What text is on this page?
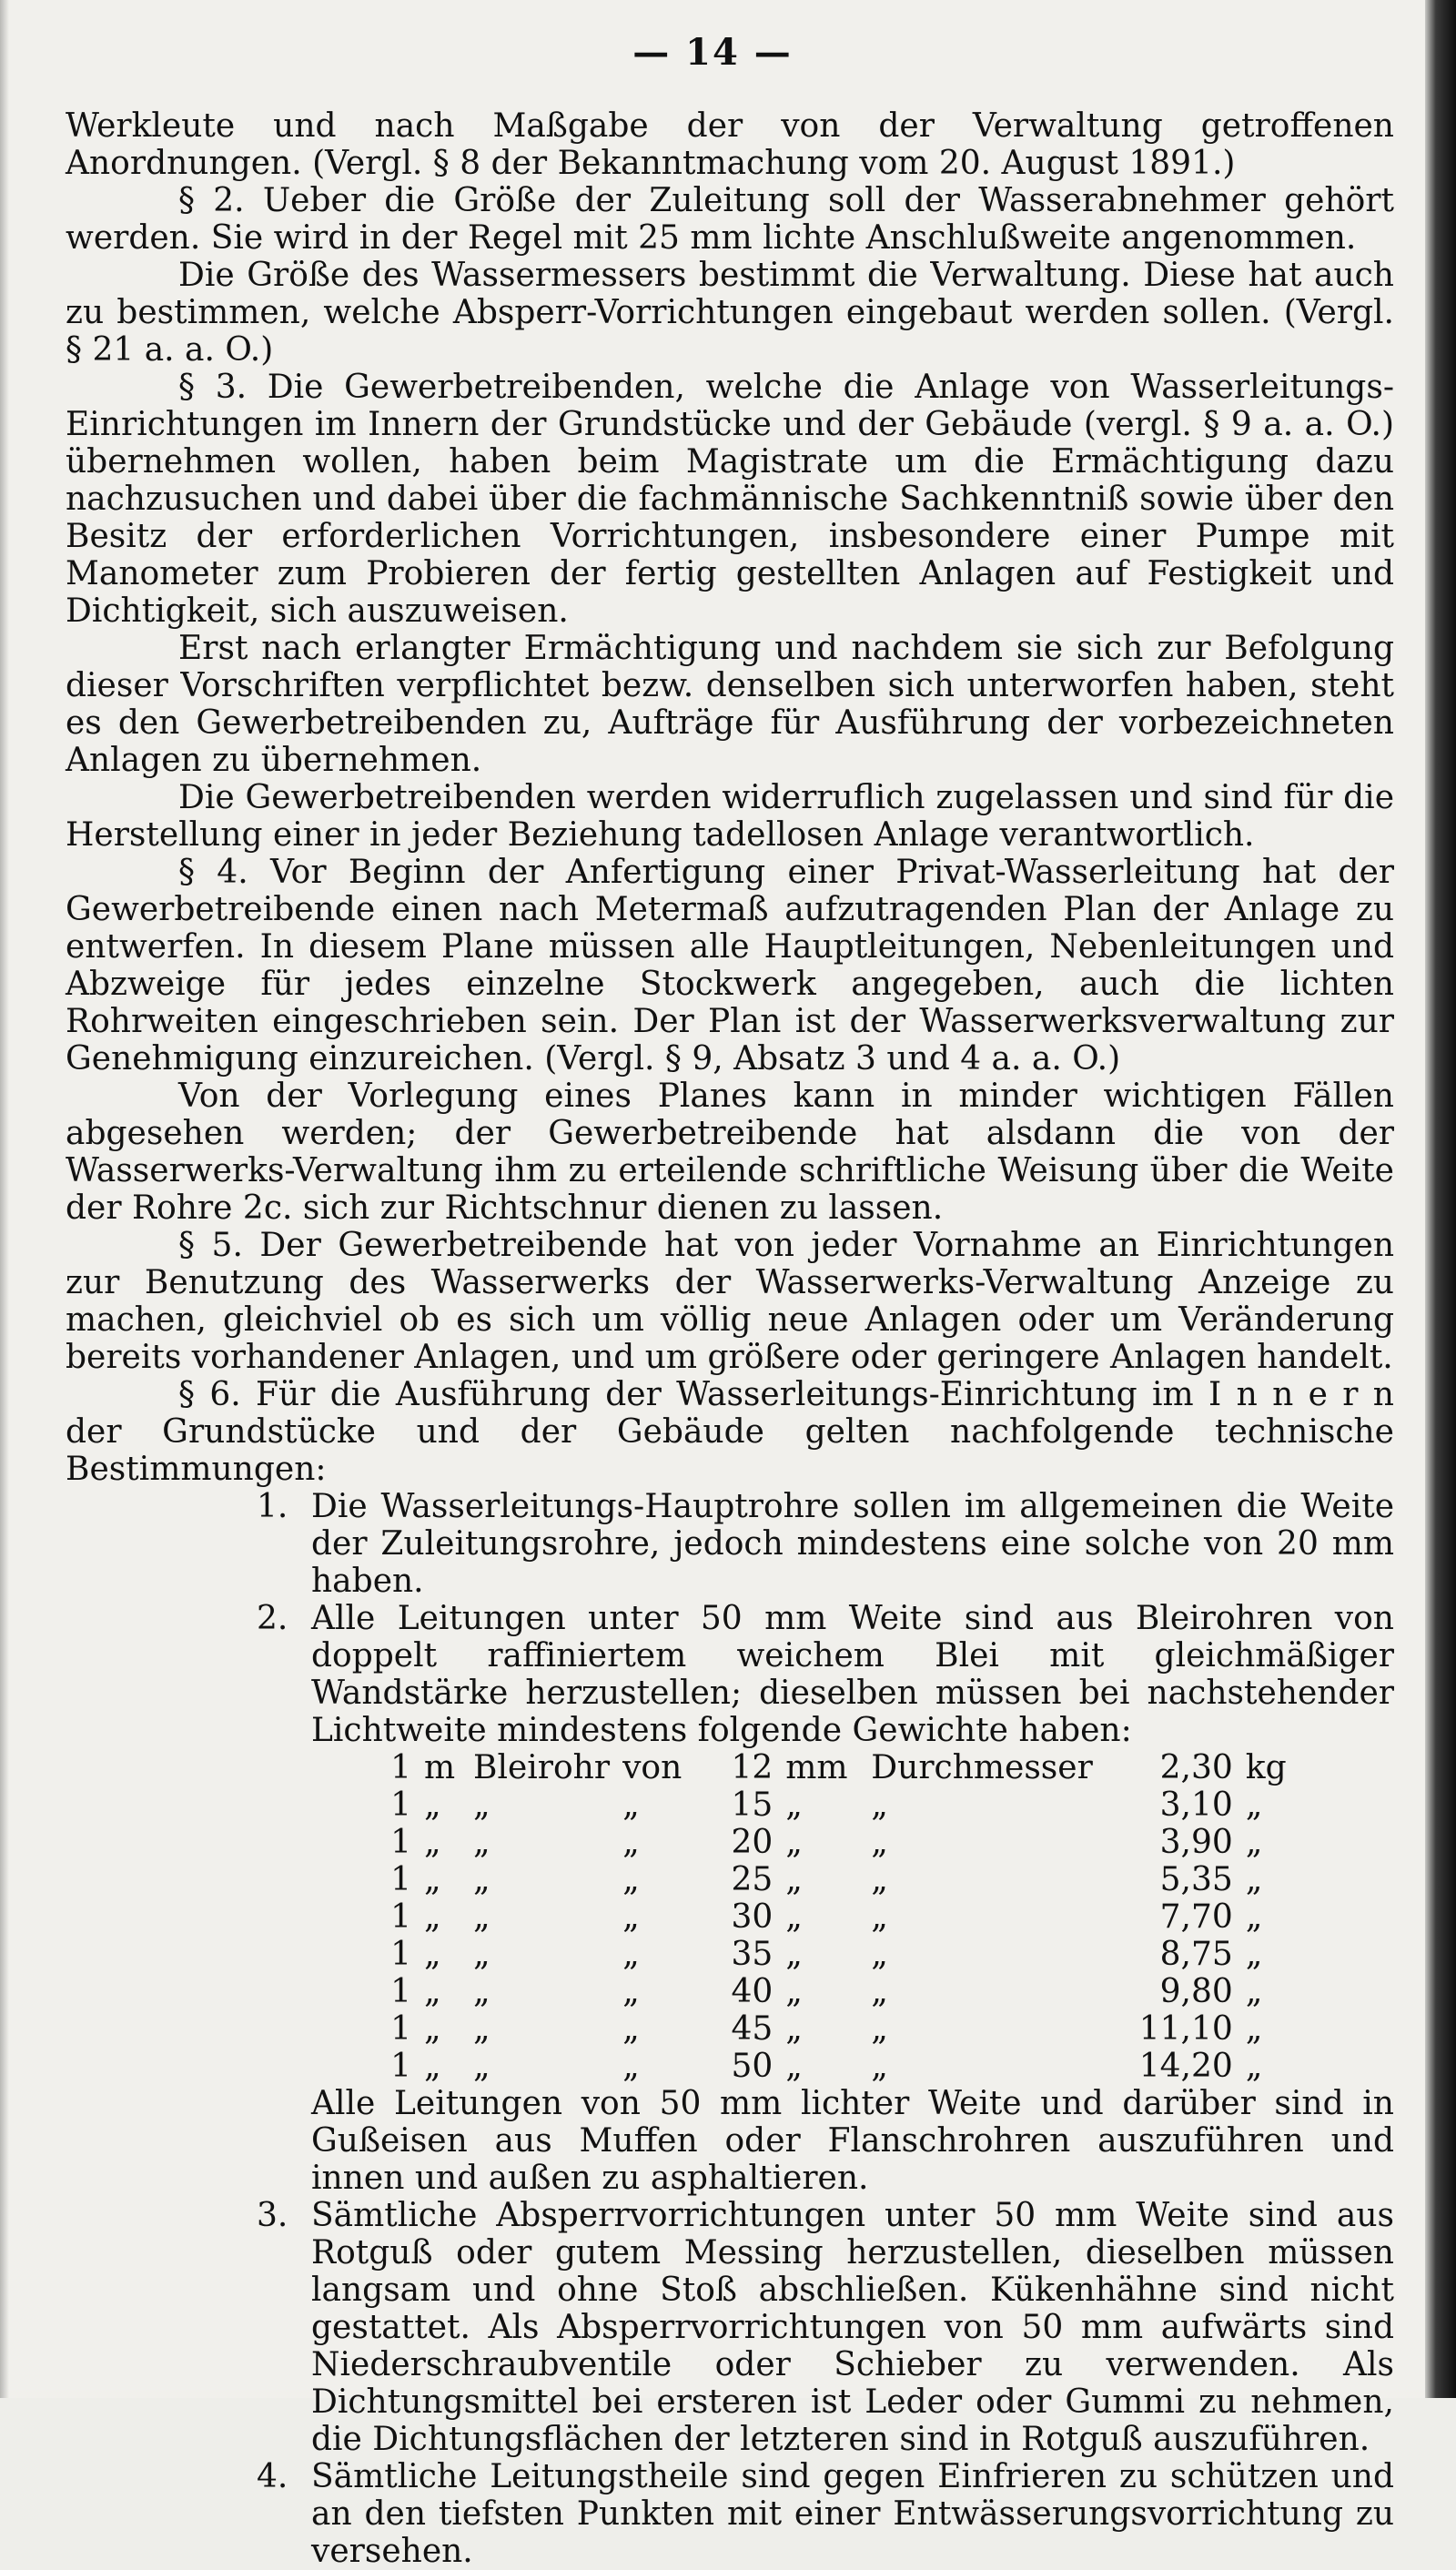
— 14 —

Werkleute und nach Maßgabe der von der Verwaltung getroffenen Anordnungen. (Vergl. § 8 der Bekanntmachung vom 20. August 1891.)

§ 2. Ueber die Größe der Zuleitung soll der Wasserabnehmer gehört werden. Sie wird in der Regel mit 25 mm lichte Anschlußweite angenommen.

Die Größe des Wassermessers bestimmt die Verwaltung. Diese hat auch zu bestimmen, welche Absperr-Vorrichtungen eingebaut werden sollen. (Vergl. § 21 a. a. O.)

§ 3. Die Gewerbetreibenden, welche die Anlage von Wasserleitungs-Einrichtungen im Innern der Grundstücke und der Gebäude (vergl. § 9 a. a. O.) übernehmen wollen, haben beim Magistrate um die Ermächtigung dazu nachzusuchen und dabei über die fachmännische Sachkenntniß sowie über den Besitz der erforderlichen Vorrichtungen, insbesondere einer Pumpe mit Manometer zum Probieren der fertig gestellten Anlagen auf Festigkeit und Dichtigkeit, sich auszuweisen.

Erst nach erlangter Ermächtigung und nachdem sie sich zur Befolgung dieser Vorschriften verpflichtet bezw. denselben sich unterworfen haben, steht es den Gewerbetreibenden zu, Aufträge für Ausführung der vorbezeichneten Anlagen zu übernehmen.

Die Gewerbetreibenden werden widerruflich zugelassen und sind für die Herstellung einer in jeder Beziehung tadellosen Anlage verantwortlich.

§ 4. Vor Beginn der Anfertigung einer Privat-Wasserleitung hat der Gewerbetreibende einen nach Metermaß aufzutragenden Plan der Anlage zu entwerfen. In diesem Plane müssen alle Hauptleitungen, Nebenleitungen und Abzweige für jedes einzelne Stockwerk angegeben, auch die lichten Rohrweiten eingeschrieben sein. Der Plan ist der Wasserwerksverwaltung zur Genehmigung einzureichen. (Vergl. § 9, Absatz 3 und 4 a. a. O.)

Von der Vorlegung eines Planes kann in minder wichtigen Fällen abgesehen werden; der Gewerbetreibende hat alsdann die von der Wasserwerks-Verwaltung ihm zu erteilende schriftliche Weisung über die Weite der Rohre 2c. sich zur Richtschnur dienen zu lassen.

§ 5. Der Gewerbetreibende hat von jeder Vornahme an Einrichtungen zur Benutzung des Wasserwerks der Wasserwerks-Verwaltung Anzeige zu machen, gleichviel ob es sich um völlig neue Anlagen oder um Veränderung bereits vorhandener Anlagen, und um größere oder geringere Anlagen handelt.

§ 6. Für die Ausführung der Wasserleitungs-Einrichtung im I n n e r n der Grundstücke und der Gebäude gelten nachfolgende technische Bestimmungen:

1. Die Wasserleitungs-Hauptrohre sollen im allgemeinen die Weite der Zuleitungsrohre, jedoch mindestens eine solche von 20 mm haben.

2. Alle Leitungen unter 50 mm Weite sind aus Bleirohren von doppelt raffiniertem weichem Blei mit gleichmäßiger Wandstärke herzustellen; dieselben müssen bei nachstehender Lichtweite mindestens folgende Gewichte haben:

1	m	Bleirohr	von	12	mm	Durchmesser	2,30	kg
1	„	„	„	15	„	„	3,10	„
1	„	„	„	20	„	„	3,90	„
1	„	„	„	25	„	„	5,35	„
1	„	„	„	30	„	„	7,70	„
1	„	„	„	35	„	„	8,75	„
1	„	„	„	40	„	„	9,80	„
1	„	„	„	45	„	„	11,10	„
1	„	„	„	50	„	„	14,20	„

Alle Leitungen von 50 mm lichter Weite und darüber sind in Gußeisen aus Muffen oder Flanschrohren auszuführen und innen und außen zu asphaltieren.

3. Sämtliche Absperrvorrichtungen unter 50 mm Weite sind aus Rotguß oder gutem Messing herzustellen, dieselben müssen langsam und ohne Stoß abschließen. Kükenhähne sind nicht gestattet. Als Absperrvorrichtungen von 50 mm aufwärts sind Niederschraubventile oder Schieber zu verwenden. Als Dichtungsmittel bei ersteren ist Leder oder Gummi zu nehmen, die Dichtungsflächen der letzteren sind in Rotguß auszuführen.

4. Sämtliche Leitungstheile sind gegen Einfrieren zu schützen und an den tiefsten Punkten mit einer Entwässerungsvorrichtung zu versehen.
